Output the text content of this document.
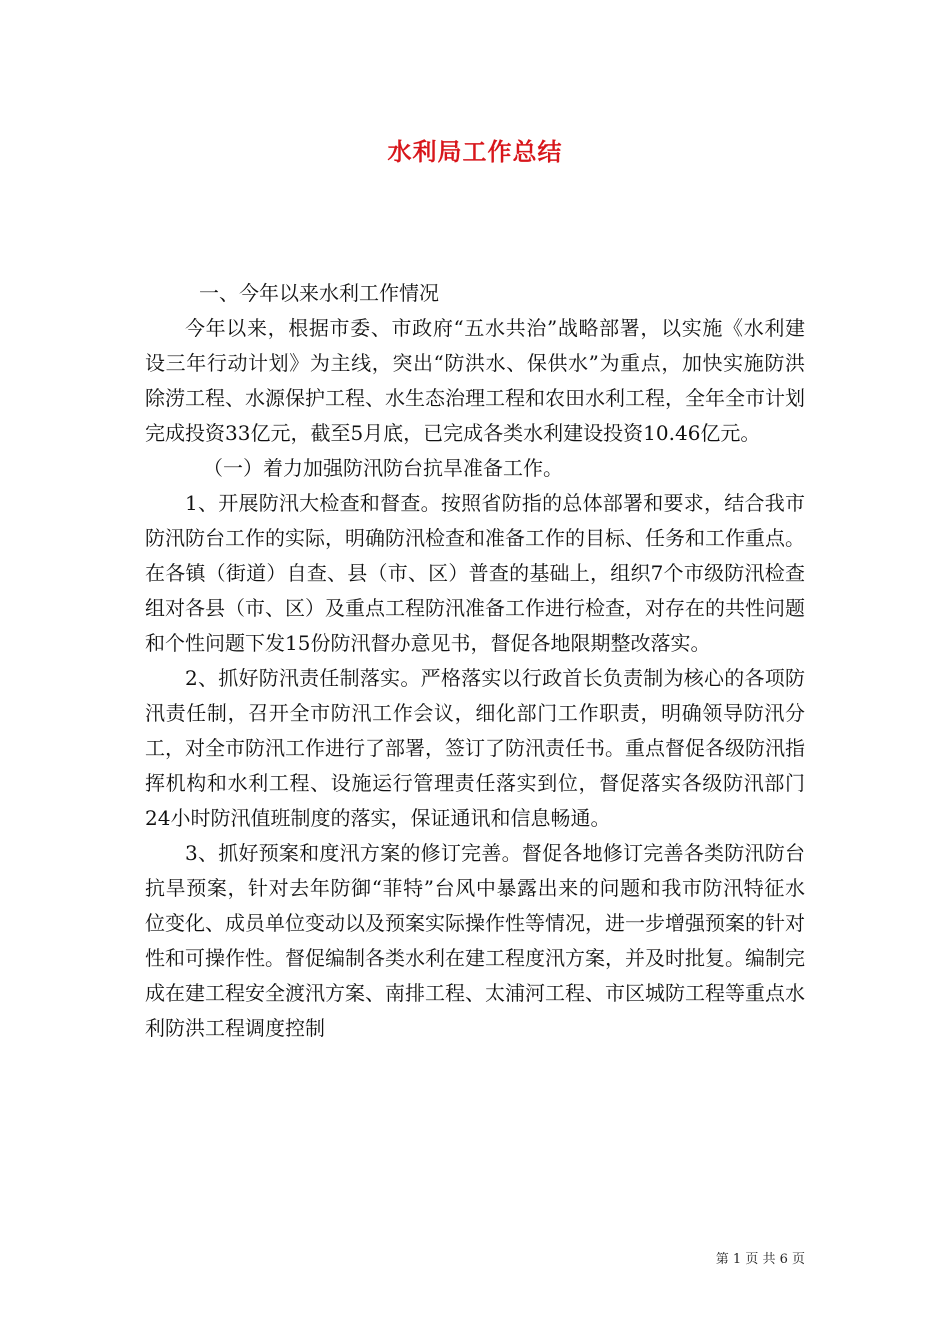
水利局工作总结

一、今年以来水利工作情况

今年以来，根据市委、市政府“五水共治”战略部署，以实施《水利建设三年行动计划》为主线，突出“防洪水、保供水”为重点，加快实施防洪除涝工程、水源保护工程、水生态治理工程和农田水利工程，全年全市计划完成投资33亿元，截至5月底，已完成各类水利建设投资10.46亿元。

（一）着力加强防汛防台抗旱准备工作。

1、开展防汛大检查和督查。按照省防指的总体部署和要求，结合我市防汛防台工作的实际，明确防汛检查和准备工作的目标、任务和工作重点。在各镇（街道）自查、县（市、区）普查的基础上，组织7个市级防汛检查组对各县（市、区）及重点工程防汛准备工作进行检查，对存在的共性问题和个性问题下发15份防汛督办意见书，督促各地限期整改落实。

2、抓好防汛责任制落实。严格落实以行政首长负责制为核心的各项防汛责任制，召开全市防汛工作会议，细化部门工作职责，明确领导防汛分工，对全市防汛工作进行了部署，签订了防汛责任书。重点督促各级防汛指挥机构和水利工程、设施运行管理责任落实到位，督促落实各级防汛部门24小时防汛值班制度的落实，保证通讯和信息畅通。

3、抓好预案和度汛方案的修订完善。督促各地修订完善各类防汛防台抗旱预案，针对去年防御“菲特”台风中暴露出来的问题和我市防汛特征水位变化、成员单位变动以及预案实际操作性等情况，进一步增强预案的针对性和可操作性。督促编制各类水利在建工程度汛方案，并及时批复。编制完成在建工程安全渡汛方案、南排工程、太浦河工程、市区城防工程等重点水利防洪工程调度控制

第 1 页 共 6 页
